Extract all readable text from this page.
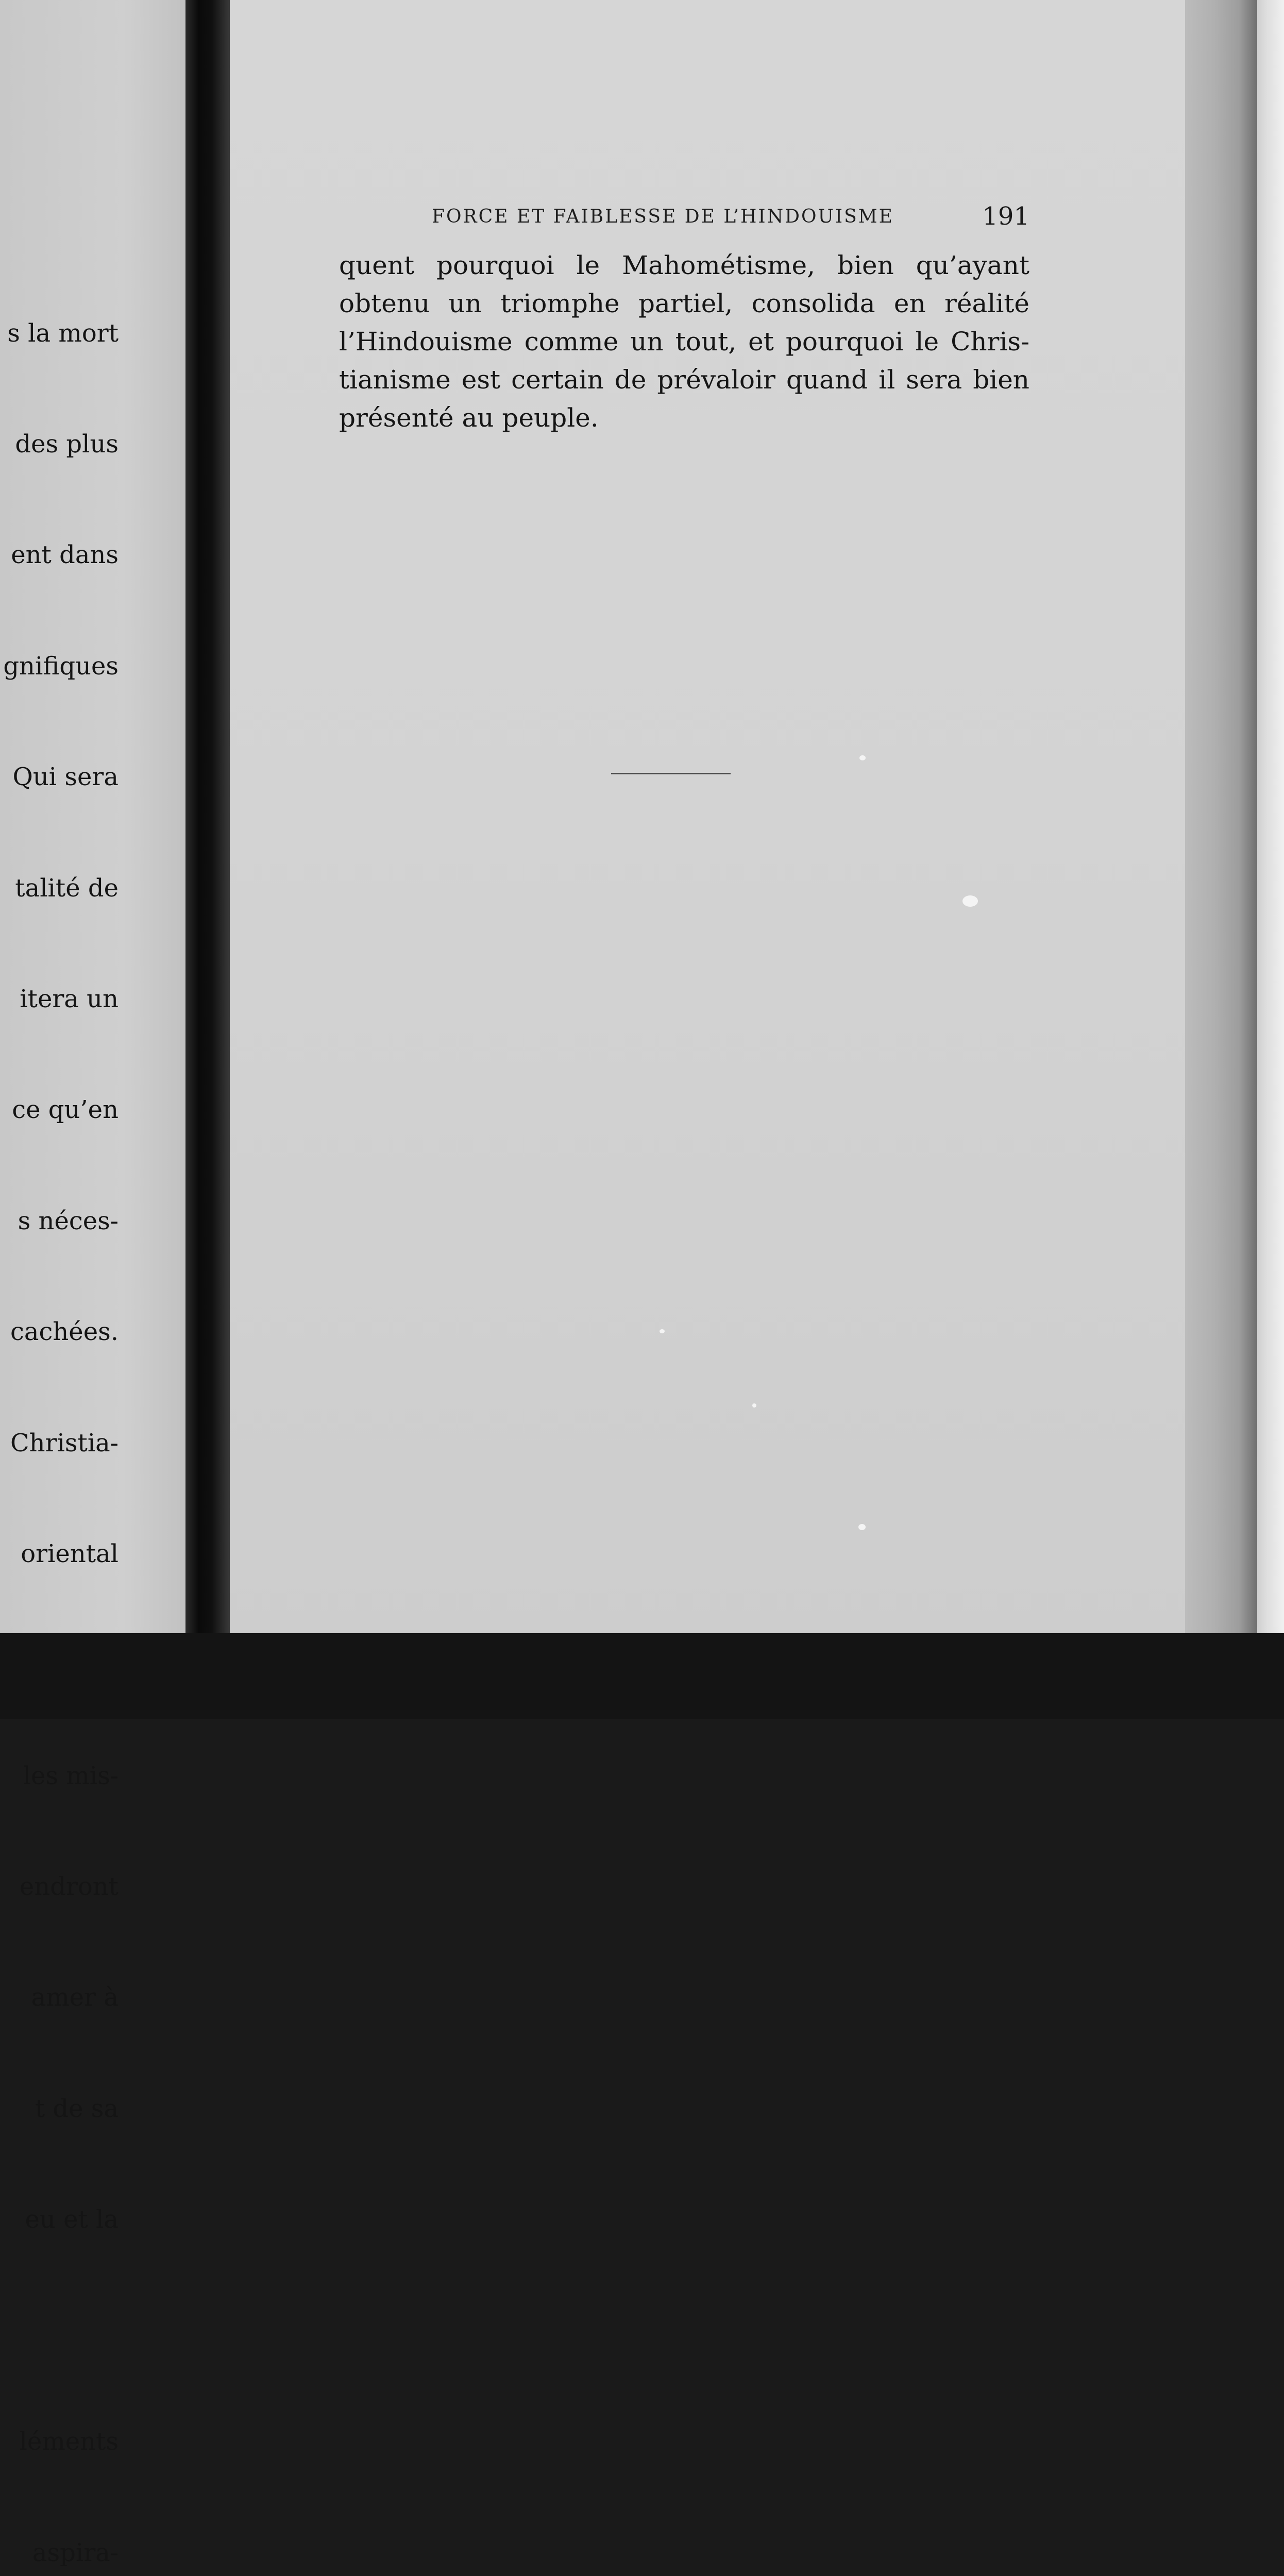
s la mort

des plus

ent dans

gnifiques

Qui sera

talité de

itera un

ce qu’en

s néces-

cachées.

Christia-

oriental

les mis-

endront

amer à

t de sa

eu et la

léments

aspira-

FORCE ET FAIBLESSE DE L’HINDOUISME	191
quent pourquoi le Mahométisme, bien qu’ayant
obtenu un triomphe partiel, consolida en réalité
l’Hindouisme comme un tout, et pourquoi le Chris-
tianisme est certain de prévaloir quand il sera bien
présenté au peuple.
